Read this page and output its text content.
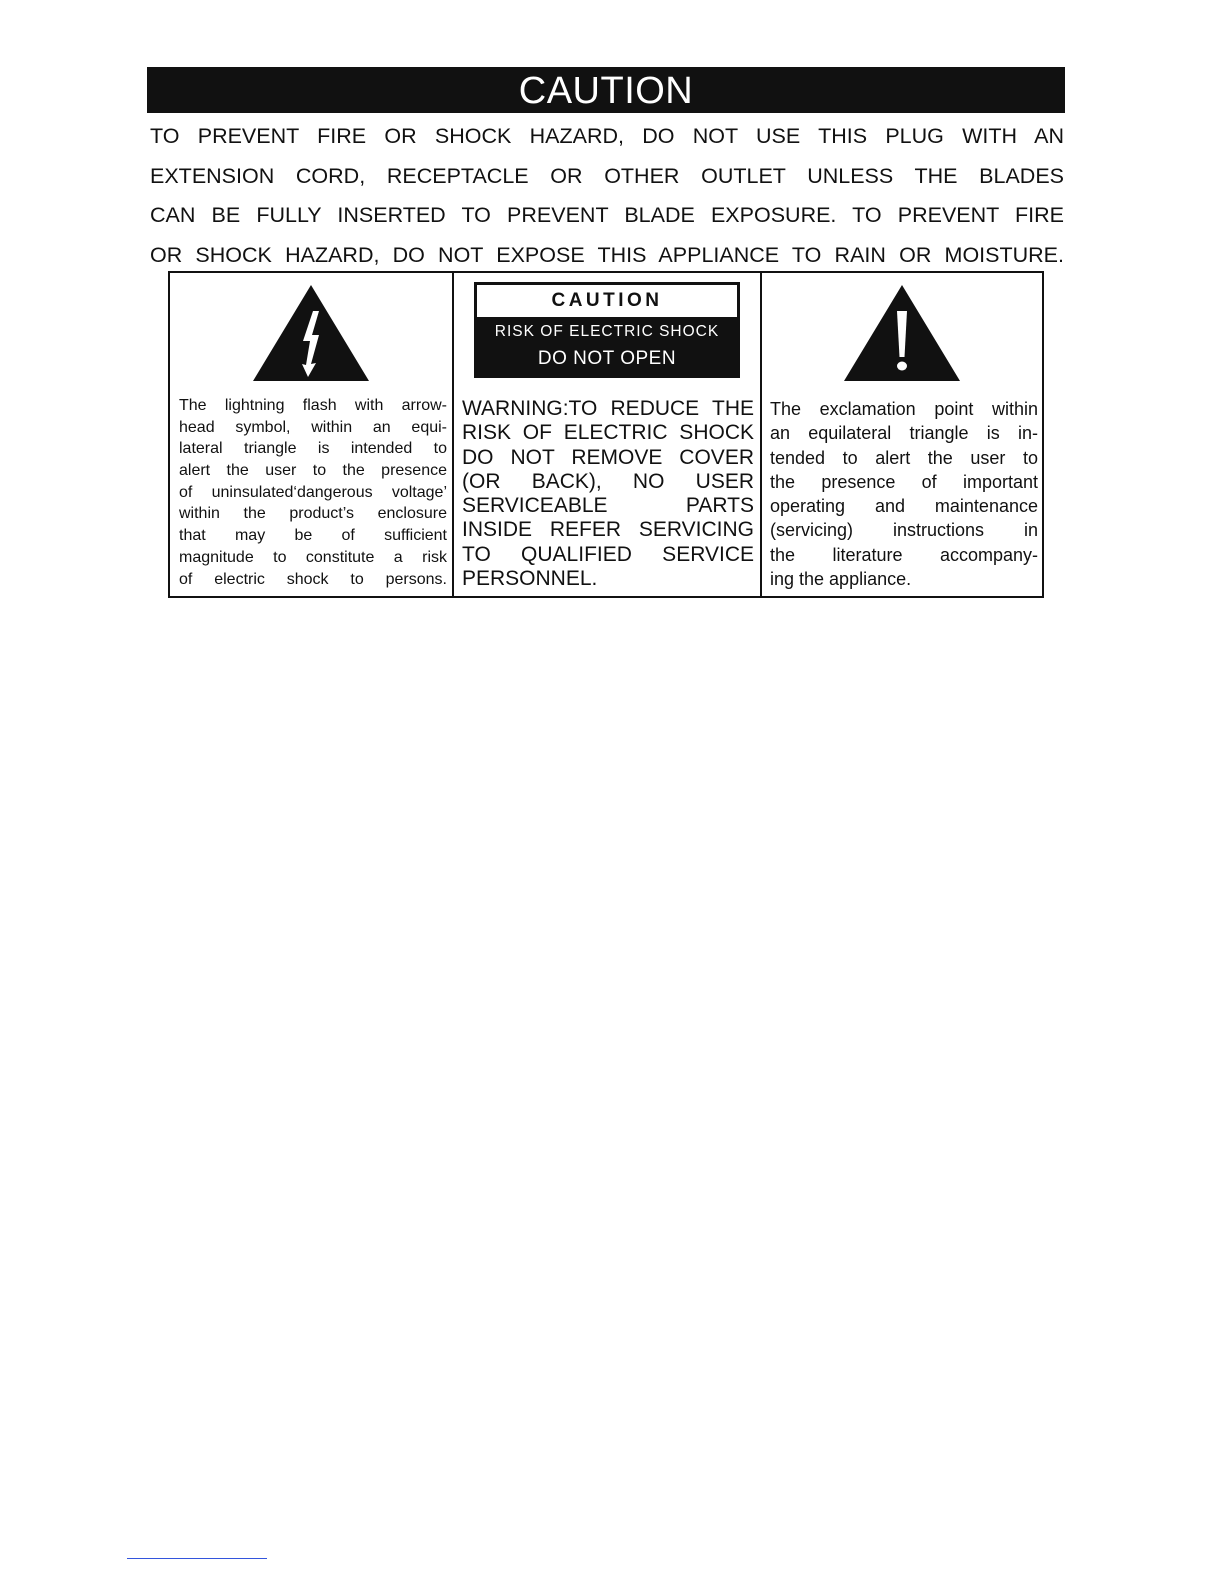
CAUTION
TO PREVENT FIRE OR SHOCK HAZARD, DO NOT USE THIS PLUG WITH AN
EXTENSION CORD, RECEPTACLE OR OTHER OUTLET UNLESS THE BLADES
CAN BE FULLY INSERTED TO PREVENT BLADE EXPOSURE. TO PREVENT FIRE
OR SHOCK HAZARD, DO NOT EXPOSE THIS APPLIANCE TO RAIN OR MOISTURE.
The lightning flash with arrow-
head symbol, within an equi-
lateral triangle is intended to
alert the user to the presence
of uninsulated‘dangerous voltage’
within the product’s enclosure
that may be of sufficient
magnitude to constitute a risk
of electric shock to persons.
CAUTION
RISK OF ELECTRIC SHOCK
DO NOT OPEN
WARNING:TO REDUCE THE
RISK OF ELECTRIC SHOCK
DO NOT REMOVE COVER
(OR BACK), NO USER
SERVICEABLE PARTS
INSIDE REFER SERVICING
TO QUALIFIED SERVICE
PERSONNEL.
The exclamation point within
an equilateral triangle is in-
tended to alert the user to
the presence of important
operating and maintenance
(servicing) instructions in
the literature accompany-
ing the appliance.
